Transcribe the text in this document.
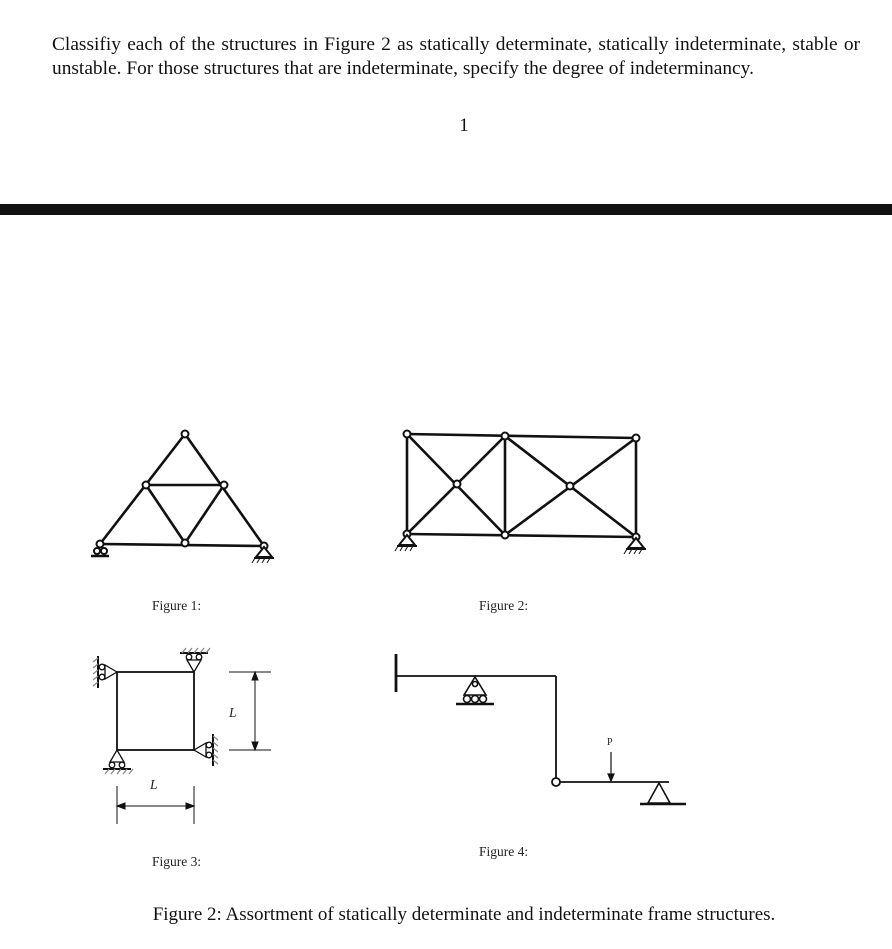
Classifiy each of the structures in Figure 2 as statically determinate, statically indeterminate, stable or unstable. For those structures that are indeterminate, specify the degree of indeterminancy.

1
Figure 1:	Figure 2:
L
L
Figure 3:
P
Figure 4:
Figure 2: Assortment of statically determinate and indeterminate frame structures.
